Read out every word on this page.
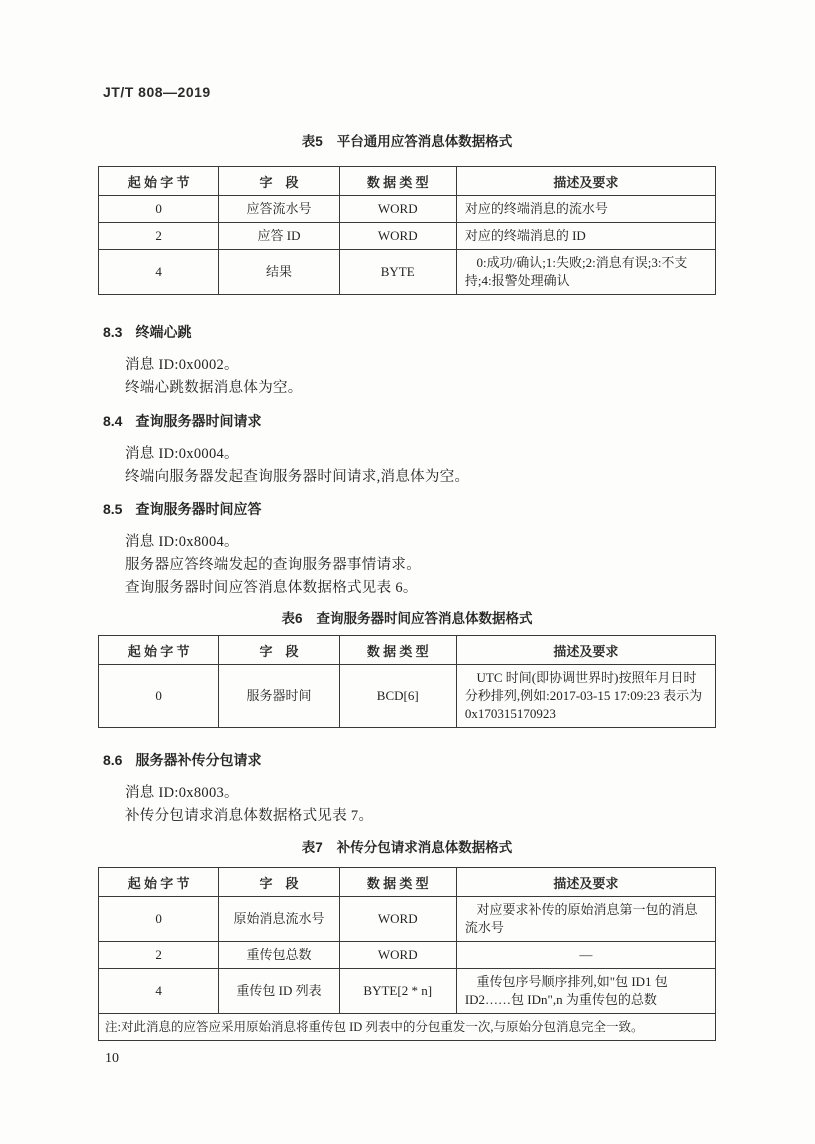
JT/T 808—2019
表5 平台通用应答消息体数据格式
起 始 字 节	字　段	数 据 类 型	描述及要求
0	应答流水号	WORD	对应的终端消息的流水号
2	应答 ID	WORD	对应的终端消息的 ID
4	结果	BYTE	0:成功/确认;1:失败;2:消息有误;3:不支持;4:报警处理确认
8.3 终端心跳

消息 ID:0x0002。

终端心跳数据消息体为空。

8.4 查询服务器时间请求

消息 ID:0x0004。

终端向服务器发起查询服务器时间请求,消息体为空。

8.5 查询服务器时间应答

消息 ID:0x8004。

服务器应答终端发起的查询服务器事情请求。

查询服务器时间应答消息体数据格式见表 6。

表6 查询服务器时间应答消息体数据格式
起 始 字 节	字　段	数 据 类 型	描述及要求
0	服务器时间	BCD[6]	UTC 时间(即协调世界时)按照年月日时分秒排列,例如:2017-03-15 17:09:23 表示为 0x170315170923
8.6 服务器补传分包请求

消息 ID:0x8003。

补传分包请求消息体数据格式见表 7。

表7 补传分包请求消息体数据格式
起 始 字 节	字　段	数 据 类 型	描述及要求
0	原始消息流水号	WORD	对应要求补传的原始消息第一包的消息流水号
2	重传包总数	WORD	—
4	重传包 ID 列表	BYTE[2 * n]	重传包序号顺序排列,如"包 ID1 包 ID2……包 IDn",n 为重传包的总数
注:对此消息的应答应采用原始消息将重传包 ID 列表中的分包重发一次,与原始分包消息完全一致。			
10
